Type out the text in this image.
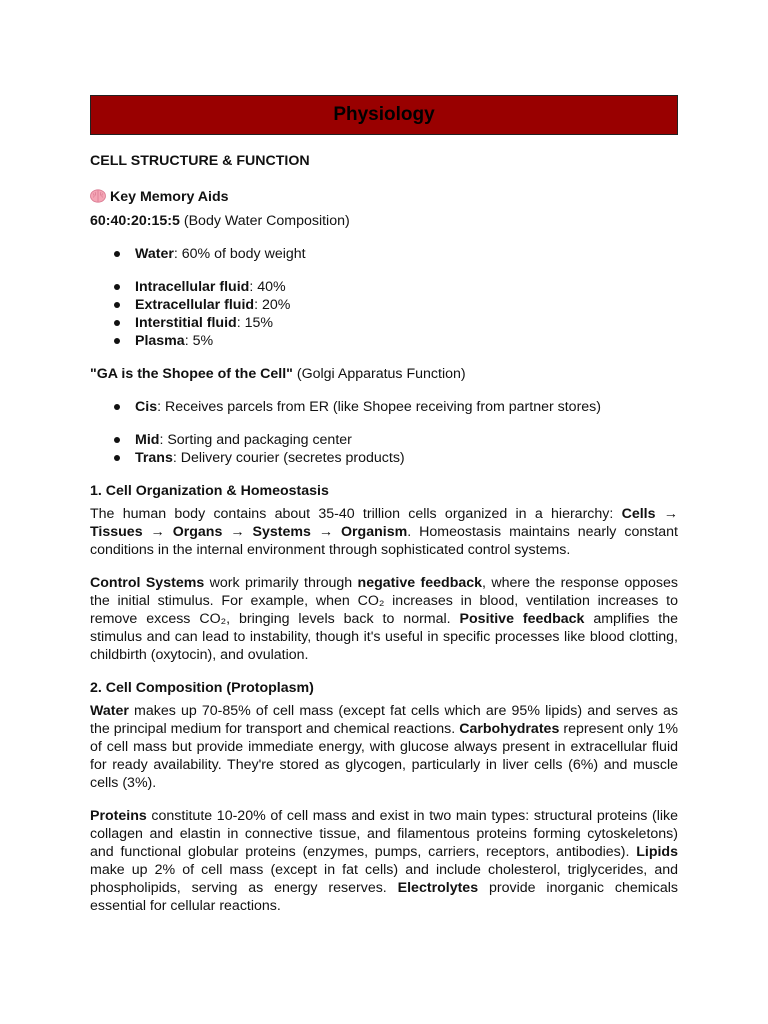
Physiology
CELL STRUCTURE & FUNCTION
Key Memory Aids

60:40:20:15:5 (Body Water Composition)

Water: 60% of body weight
Intracellular fluid: 40%
Extracellular fluid: 20%
Interstitial fluid: 15%
Plasma: 5%

"GA is the Shopee of the Cell" (Golgi Apparatus Function)

Cis: Receives parcels from ER (like Shopee receiving from partner stores)
Mid: Sorting and packaging center
Trans: Delivery courier (secretes products)
1. Cell Organization & Homeostasis

The human body contains about 35-40 trillion cells organized in a hierarchy: Cells → Tissues → Organs → Systems → Organism. Homeostasis maintains nearly constant conditions in the internal environment through sophisticated control systems.

Control Systems work primarily through negative feedback, where the response opposes the initial stimulus. For example, when CO₂ increases in blood, ventilation increases to remove excess CO₂, bringing levels back to normal. Positive feedback amplifies the stimulus and can lead to instability, though it's useful in specific processes like blood clotting, childbirth (oxytocin), and ovulation.

2. Cell Composition (Protoplasm)

Water makes up 70-85% of cell mass (except fat cells which are 95% lipids) and serves as the principal medium for transport and chemical reactions. Carbohydrates represent only 1% of cell mass but provide immediate energy, with glucose always present in extracellular fluid for ready availability. They're stored as glycogen, particularly in liver cells (6%) and muscle cells (3%).

Proteins constitute 10-20% of cell mass and exist in two main types: structural proteins (like collagen and elastin in connective tissue, and filamentous proteins forming cytoskeletons) and functional globular proteins (enzymes, pumps, carriers, receptors, antibodies). Lipids make up 2% of cell mass (except in fat cells) and include cholesterol, triglycerides, and phospholipids, serving as energy reserves. Electrolytes provide inorganic chemicals essential for cellular reactions.
